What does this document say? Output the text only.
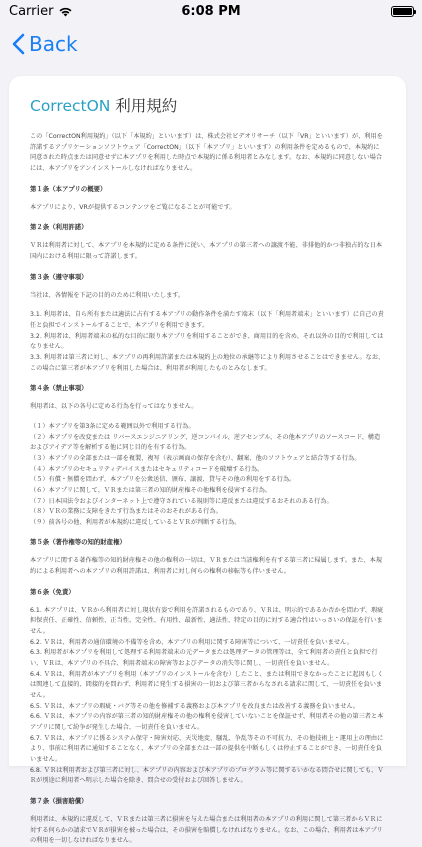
Carrier	6:08 PM
Back
CorrectON 利用規約

この「CorrectON利用規約」（以下「本規約」といいます）は、株式会社ビデオリサーチ（以下「VR」といいます）が、利用を許諾するアプリケーションソフトウェア「CorrectON」（以下「本アプリ」といいます）の利用条件を定めるもので、本規約に同意された時点または同意せずに本アプリを利用した時点で本規約に係る利用者とみなします。なお、本規約に同意しない場合には、本アプリをアンインストールしなければなりません。

第１条（本アプリの概要）

本アプリにより、VRが提供するコンテンツをご覧になることが可能です。

第２条（利用許諾）

ＶＲは利用者に対して、本アプリを本規約に定める条件に従い、本アプリの第三者への譲渡不能、非排他的かつ非独占的な日本国内における利用に限って許諾します。

第３条（遵守事項）

当社は、各情報を下記の目的のために利用いたします。

3.1. 利用者は、自ら所有または適法に占有する本アプリの動作条件を満たす端末（以下「利用者端末」といいます）に自己の責任と負担でインストールすることで、本アプリを利用できます。
3.2. 利用者は、利用者端末の私的な目的に限り本アプリを利用することができ、商用目的を含め、それ以外の目的で利用してはなりません。
3.3. 利用者は第三者に対し、本アプリの再利用許諾または本規約上の地位の承継等により利用させることはできません。なお、この場合に第三者が本アプリを利用した場合は、利用者が利用したものとみなします。
第４条（禁止事項）

利用者は、以下の各号に定める行為を行ってはなりません。

（１）本アプリを第3条に定める範囲以外で利用する行為。
（２）本アプリを改変または リバースエンジニアリング、逆コンパイル、逆アセンブル、その他本アプリのソースコード、構造およびアイデア等を解析する他に同じ目的を有する行為。
（３）本アプリの全部または一部を複製、複写（表示画面の保存を含む）、翻案、他のソフトウェアと結合等する行為。
（４）本アプリのセキュリティデバイスまたはセキュリティコードを破壊する行為。
（５）有償・無償を問わず、本アプリを公衆送信、頒布、譲渡、貸与その他の利用をする行為。
（６）本アプリに関して、ＶＲまたは第三者の知的財産権その他権利を侵害する行為。
（７）日本国法令およびインターネット上で遵守されている規則等に違反または違反するおそれのある行為。
（８）ＶＲの業務に支障をきたす行為またはそのおそれがある行為。
（９）前各号の他、利用者が本規約に違反しているとＶＲが判断する行為。
第５条（著作権等の知的財産権）

本アプリに関する著作権等の知的財産権その他の権利の一切は、ＶＲまたは当該権利を有する第三者に帰属します。また、本規約による利用者への本アプリの利用許諾は、利用者に対し何らの権利の移転等も伴いません。

第６条（免責）
6.1. 本アプリは、ＶＲから利用者に対し現状有姿で利用を許諾されるものであり、ＶＲは、明示的であるか否かを問わず、瑕疵担保責任、正確性、信頼性、正当性、完全性、有用性、最新性、適法性、特定の目的に対する適合性はいっさいの保証を行いません。
6.2. ＶＲは、利用者の通信環境の不備等を含め、本アプリの利用に関する障害等について、一切責任を負いません。
6.3. 利用者が本アプリを利用して処理する利用者端末の元データまたは処理データの管理等は、全て利用者の責任と負担で行い、ＶＲは、本アプリの不具合、利用者端末の障害等およびデータの消失等に関し、一切責任を負いません。
6.4. ＶＲは、利用者が本アプリを利用（本アプリのインストールを含む）したこと、または利用できなかったことに起因もしくは関連して直接的、間接的を問わず、利用者に発生する損害の一切および第三者からなされる請求に関して、一切責任を負いません。
6.5. ＶＲは、本アプリの瑕疵・バグ等その他を修補する義務および本アプリを改良または改善する義務を負いません。
6.6. ＶＲは、本アプリの内容が第三者の知的財産権その他の権利を侵害していないことを保証せず、利用者その他の第三者と本アプリに関して紛争が発生した場合、一切責任を負いません。
6.7. ＶＲは、本アプリに係るシステム保守・障害対応、天災地変、騒乱、争乱等その不可抗力、その他技術上・運用上の理由により、事前に利用者に通知することなく、本アプリの全部または一部の提供を中断もしくは停止することができ、一切責任を負いません。
6.8. ＶＲは利用者および第三者に対し、本アプリの内容および本アプリのプログラム等に関するいかなる問合せに関しても、ＶＲが別途に利用者へ明示した場合を除き、問合せの受付および回答しません。
第７条（損害賠償）

利用者は、本規約に違反して、ＶＲまたは第三者に損害を与えた場合または利用者の本アプリの利用に関して第三者からＶＲに対する何らかの請求でＶＲが損害を被った場合は、その損害を賠償しなければなりません。なお、この場合、利用者は本アプリの利用を一切しなければなりません。
